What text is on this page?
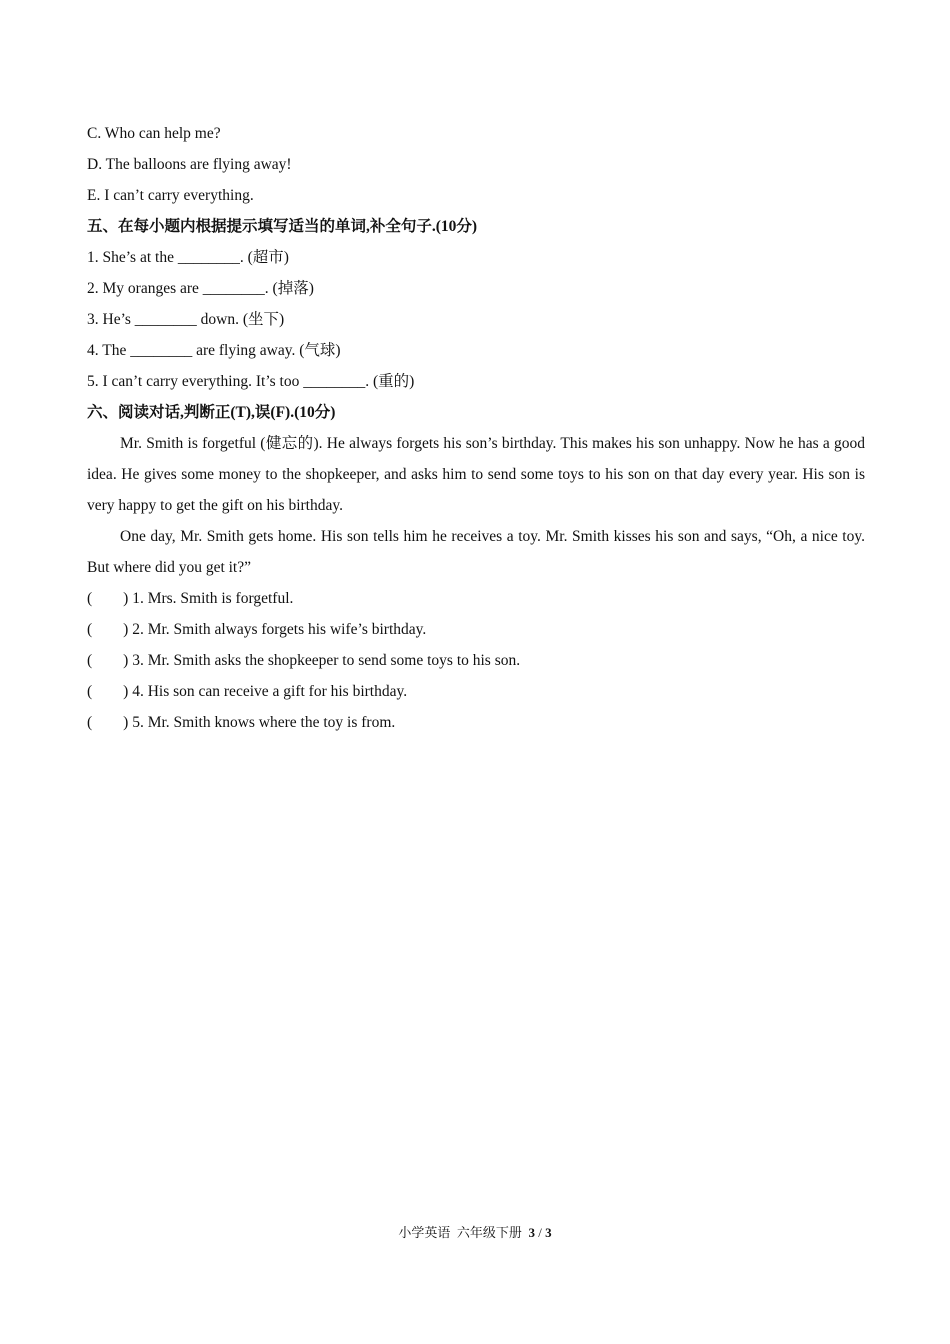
C. Who can help me?
D. The balloons are flying away!
E. I can’t carry everything.
五、在每小题内根据提示填写适当的单词,补全句子.(10分)
1. She’s at the ________. (超市)
2. My oranges are ________. (掉落)
3. He’s ________ down. (坐下)
4. The ________ are flying away. (气球)
5. I can’t carry everything. It’s too ________. (重的)
六、阅读对话,判断正(T),误(F).(10分)
Mr. Smith is forgetful (健忘的). He always forgets his son’s birthday. This makes his son unhappy. Now he has a good idea. He gives some money to the shopkeeper, and asks him to send some toys to his son on that day every year. His son is very happy to get the gift on his birthday.
One day, Mr. Smith gets home. His son tells him he receives a toy. Mr. Smith kisses his son and says, “Oh, a nice toy. But where did you get it?”
(        ) 1. Mrs. Smith is forgetful.
(        ) 2. Mr. Smith always forgets his wife’s birthday.
(        ) 3. Mr. Smith asks the shopkeeper to send some toys to his son.
(        ) 4. His son can receive a gift for his birthday.
(        ) 5. Mr. Smith knows where the toy is from.
小学英语  六年级下册  3 / 3
